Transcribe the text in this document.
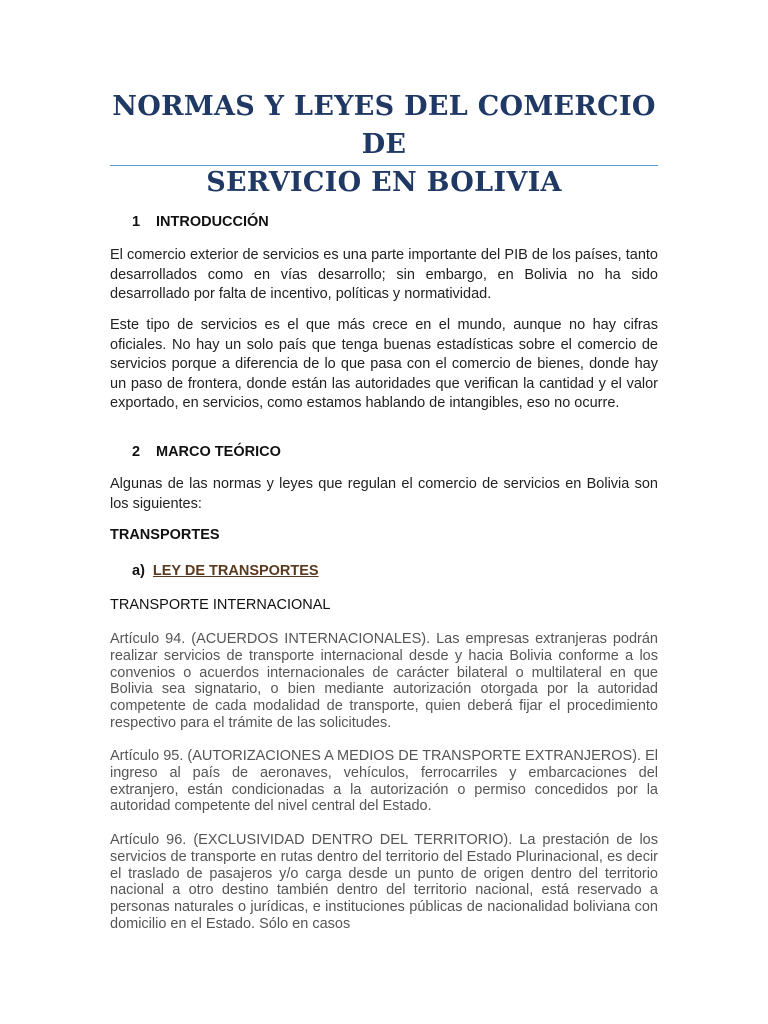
NORMAS Y LEYES DEL COMERCIO DE
SERVICIO EN BOLIVIA
1 INTRODUCCIÓN

El comercio exterior de servicios es una parte importante del PIB de los países, tanto desarrollados como en vías desarrollo; sin embargo, en Bolivia no ha sido desarrollado por falta de incentivo, políticas y normatividad.

Este tipo de servicios es el que más crece en el mundo, aunque no hay cifras oficiales. No hay un solo país que tenga buenas estadísticas sobre el comercio de servicios porque a diferencia de lo que pasa con el comercio de bienes, donde hay un paso de frontera, donde están las autoridades que verifican la cantidad y el valor exportado, en servicios, como estamos hablando de intangibles, eso no ocurre.

2 MARCO TEÓRICO

Algunas de las normas y leyes que regulan el comercio de servicios en Bolivia son los siguientes:

TRANSPORTES
a) LEY DE TRANSPORTES
TRANSPORTE INTERNACIONAL

Artículo 94. (ACUERDOS INTERNACIONALES). Las empresas extranjeras podrán realizar servicios de transporte internacional desde y hacia Bolivia conforme a los convenios o acuerdos internacionales de carácter bilateral o multilateral en que Bolivia sea signatario, o bien mediante autorización otorgada por la autoridad competente de cada modalidad de transporte, quien deberá fijar el procedimiento respectivo para el trámite de las solicitudes.

Artículo 95. (AUTORIZACIONES A MEDIOS DE TRANSPORTE EXTRANJEROS). El ingreso al país de aeronaves, vehículos, ferrocarriles y embarcaciones del extranjero, están condicionadas a la autorización o permiso concedidos por la autoridad competente del nivel central del Estado.

Artículo 96. (EXCLUSIVIDAD DENTRO DEL TERRITORIO). La prestación de los servicios de transporte en rutas dentro del territorio del Estado Plurinacional, es decir el traslado de pasajeros y/o carga desde un punto de origen dentro del territorio nacional a otro destino también dentro del territorio nacional, está reservado a personas naturales o jurídicas, e instituciones públicas de nacionalidad boliviana con domicilio en el Estado. Sólo en casos
